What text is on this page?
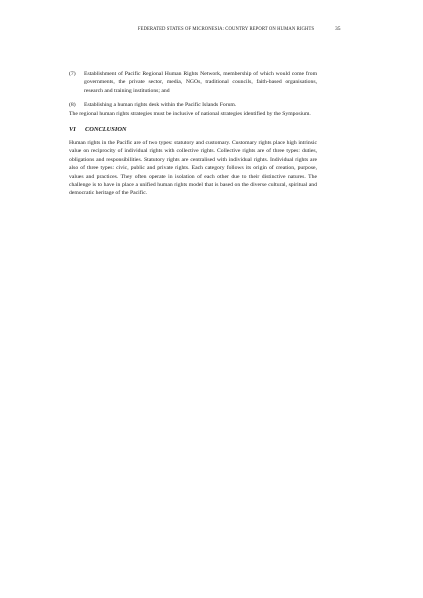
FEDERATED STATES OF MICRONESIA: COUNTRY REPORT ON HUMAN RIGHTS	35
(7) Establishment of Pacific Regional Human Rights Network, membership of which would come from governments, the private sector, media, NGOs, traditional councils, faith-based organisations, research and training institutions; and
(8) Establishing a human rights desk within the Pacific Islands Forum.
The regional human rights strategies must be inclusive of national strategies identified by the Symposium.
VI CONCLUSION
Human rights in the Pacific are of two types: statutory and customary. Customary rights place high intrinsic value on reciprocity of individual rights with collective rights. Collective rights are of three types: duties, obligations and responsibilities. Statutory rights are centralised with individual rights. Individual rights are also of three types: civic, public and private rights. Each category follows its origin of creation, purpose, values and practices. They often operate in isolation of each other due to their distinctive natures. The challenge is to have in place a unified human rights model that is based on the diverse cultural, spiritual and democratic heritage of the Pacific.
